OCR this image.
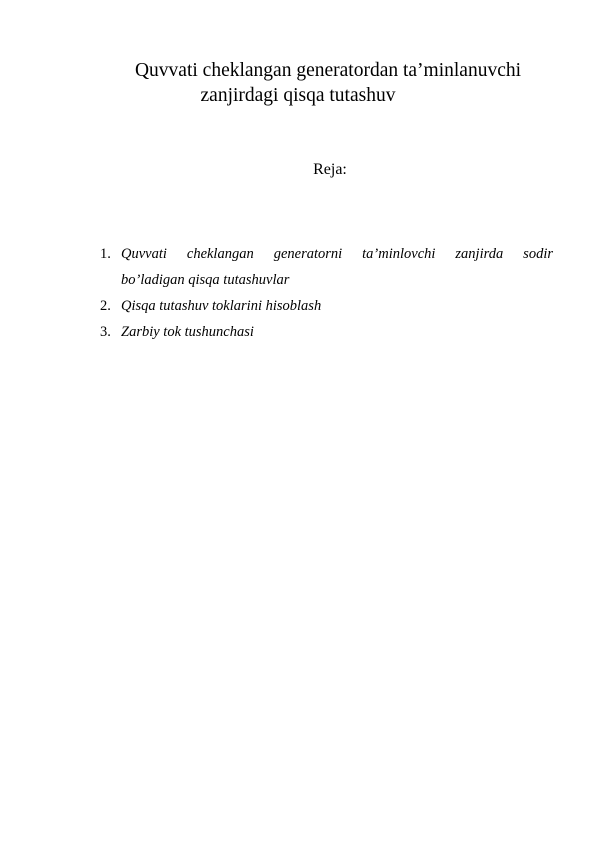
Quvvati cheklangan generatordan ta’minlanuvchi
zanjirdagi qisqa tutashuv
Reja:
1. Quvvati cheklangan generatorni ta’minlovchi zanjirda sodir
bo’ladigan qisqa tutashuvlar
2. Qisqa tutashuv toklarini hisoblash
3. Zarbiy tok tushunchasi
